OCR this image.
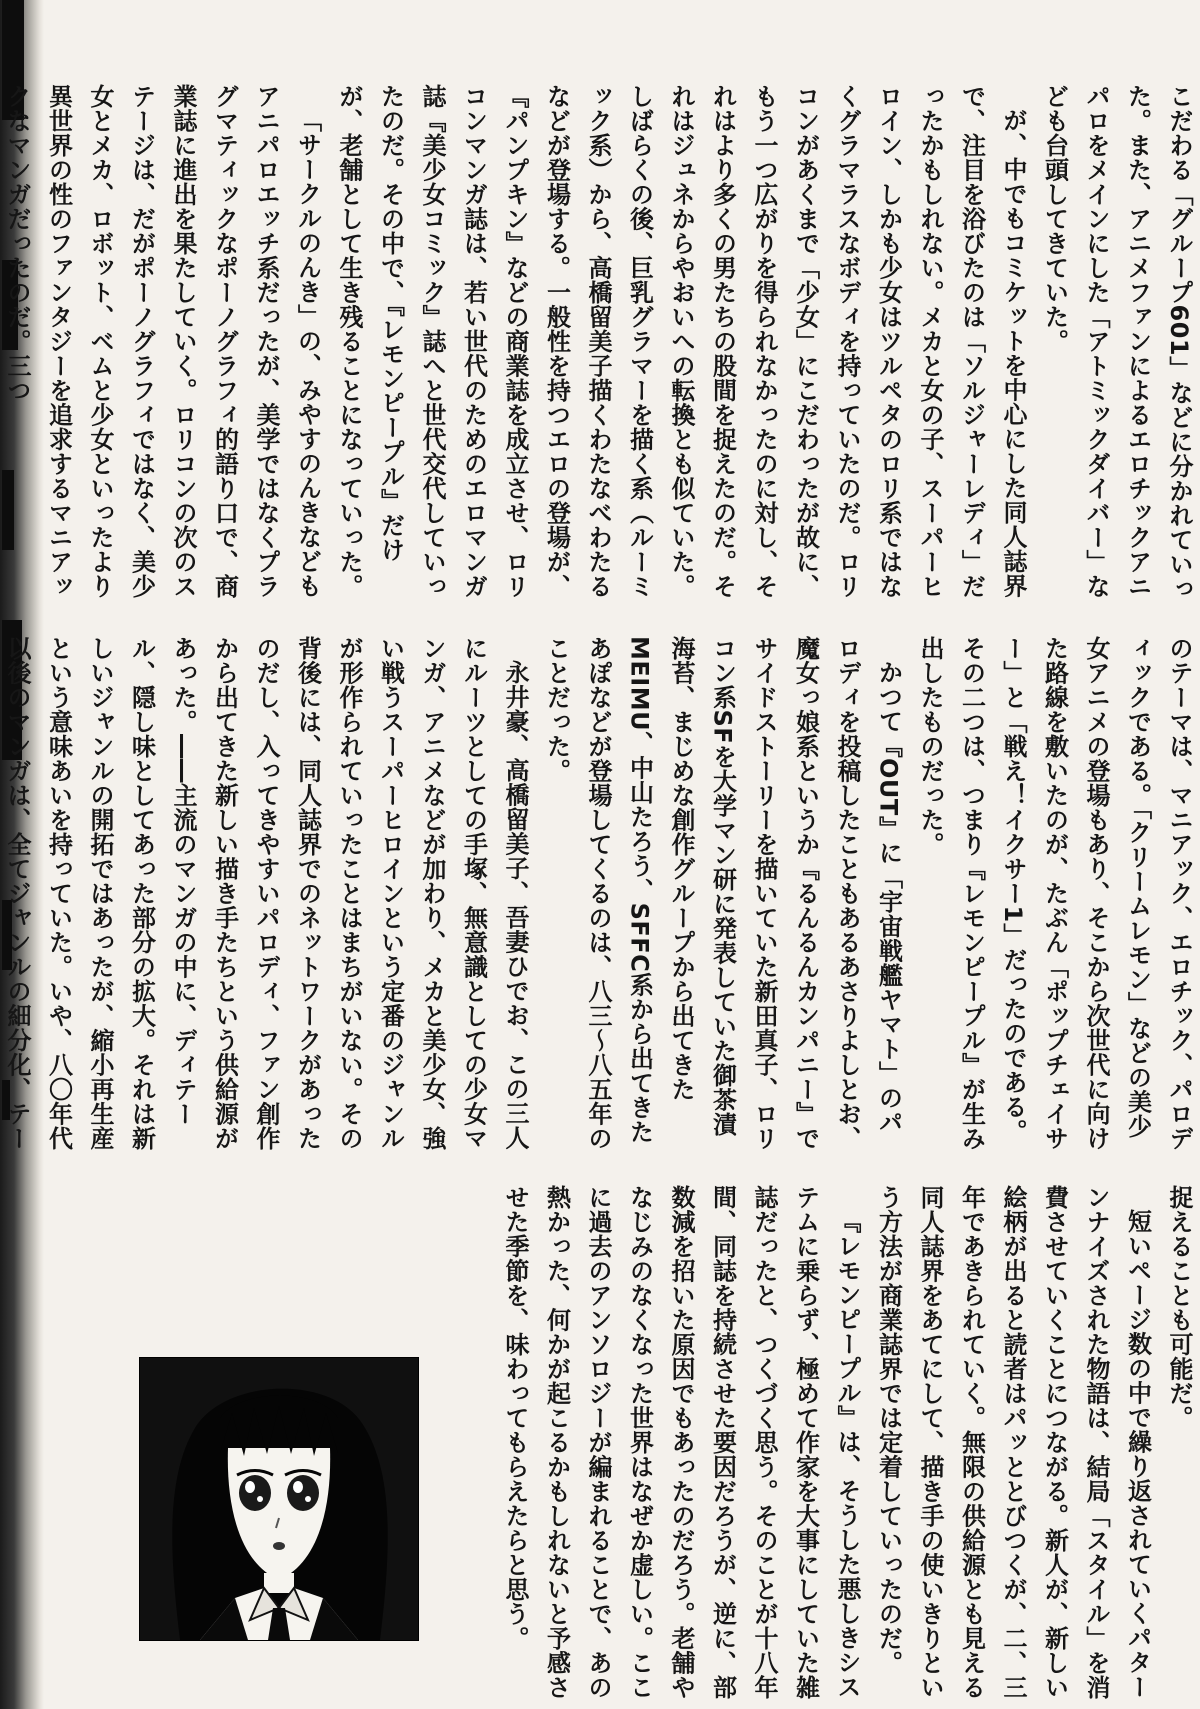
こだわる「グループ601」などに分かれていった。また、アニメファンによるエロチックアニパロをメインにした「アトミックダイバー」なども台頭してきていた。
が、中でもコミケットを中心にした同人誌界で、注目を浴びたのは「ソルジャーレディ」だったかもしれない。メカと女の子、スーパーヒロイン、しかも少女はツルペタのロリ系ではなくグラマラスなボディを持っていたのだ。ロリコンがあくまで「少女」にこだわったが故に、もう一つ広がりを得られなかったのに対し、それはより多くの男たちの股間を捉えたのだ。それはジュネからやおいへの転換とも似ていた。しばらくの後、巨乳グラマーを描く系（ルーミック系）から、高橋留美子描くわたなべわたるなどが登場する。一般性を持つエロの登場が、『パンプキン』などの商業誌を成立させ、ロリコンマンガ誌は、若い世代のためのエロマンガ誌『美少女コミック』誌へと世代交代していったのだ。その中で、『レモンピープル』だけが、老舗として生き残ることになっていった。
「サークルのんき」の、みやすのんきなどもアニパロエッチ系だったが、美学ではなくプラグマティックなポーノグラフィ的語り口で、商業誌に進出を果たしていく。ロリコンの次のステージは、だがポーノグラフィではなく、美少女とメカ、ロボット、ベムと少女といったより異世界の性のファンタジーを追求するマニアックなマンガだったのだ。三つ
のテーマは、マニアック、エロチック、パロディックである。「クリームレモン」などの美少女アニメの登場もあり、そこから次世代に向けた路線を敷いたのが、たぶん「ポップチェイサー」と「戦え！イクサー1」だったのである。その二つは、つまり『レモンピープル』が生み出したものだった。
かつて『OUT』に「宇宙戦艦ヤマト」のパロディを投稿したこともあるあさりよしとお、魔女っ娘系というか『るんるんカンパニー』でサイドストーリーを描いていた新田真子、ロリコン系SFを大学マン研に発表していた御茶漬海苔、まじめな創作グループから出てきたMEIMU、中山たろう、SFFC系から出てきたあぽなどが登場してくるのは、八三〜八五年のことだった。
永井豪、高橋留美子、吾妻ひでお、この三人にルーツとしての手塚、無意識としての少女マンガ、アニメなどが加わり、メカと美少女、強い戦うスーパーヒロインという定番のジャンルが形作られていったことはまちがいない。その背後には、同人誌界でのネットワークがあったのだし、入ってきやすいパロディ、ファン創作から出てきた新しい描き手たちという供給源があった。――主流のマンガの中に、ディテール、隠し味としてあった部分の拡大。それは新しいジャンルの開拓ではあったが、縮小再生産という意味あいを持っていた。いや、八〇年代以後のマンガは、全てジャンルの細分化、テー
捉えることも可能だ。
短いページ数の中で繰り返されていくパターンナイズされた物語は、結局「スタイル」を消費させていくことにつながる。新人が、新しい絵柄が出ると読者はパッととびつくが、二、三年であきられていく。無限の供給源とも見える同人誌界をあてにして、描き手の使いきりという方法が商業誌界では定着していったのだ。
『レモンピープル』は、そうした悪しきシステムに乗らず、極めて作家を大事にしていた雑誌だったと、つくづく思う。そのことが十八年間、同誌を持続させた要因だろうが、逆に、部数減を招いた原因でもあったのだろう。老舗やなじみのなくなった世界はなぜか虚しい。ここに過去のアンソロジーが編まれることで、あの熱かった、何かが起こるかもしれないと予感させた季節を、味わってもらえたらと思う。
